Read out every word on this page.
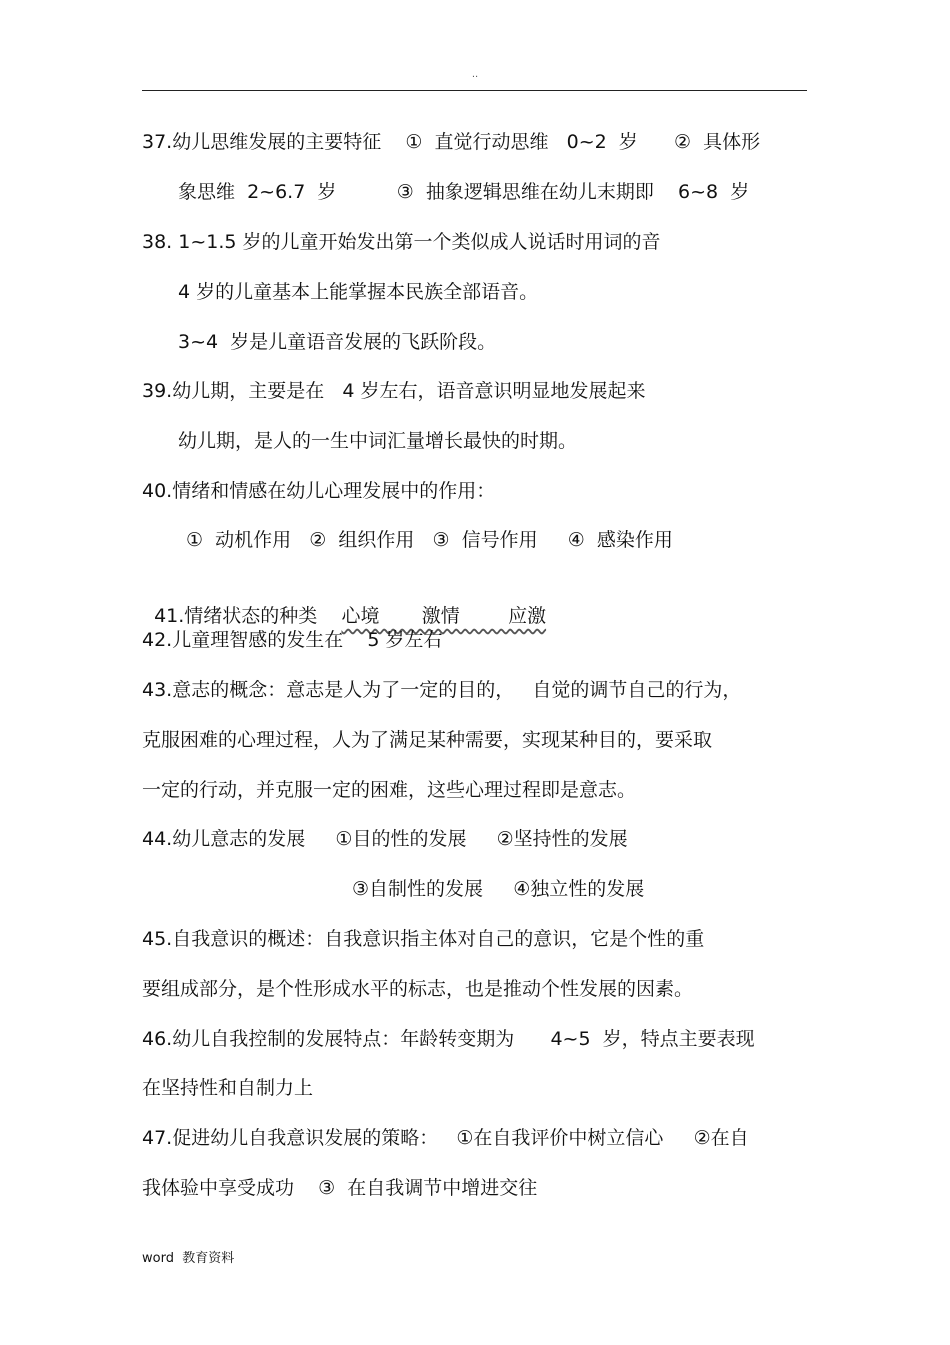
..
37.幼儿思维发展的主要特征    ①  直觉行动思维   0~2  岁      ②  具体形
象思维  2~6.7  岁          ③  抽象逻辑思维在幼儿末期即    6~8  岁
38. 1~1.5 岁的儿童开始发出第一个类似成人说话时用词的音
4 岁的儿童基本上能掌握本民族全部语音。
3~4  岁是儿童语音发展的飞跃阶段。
39.幼儿期，主要是在   4 岁左右，语音意识明显地发展起来
幼儿期，是人的一生中词汇量增长最快的时期。
40.情绪和情感在幼儿心理发展中的作用：
①  动机作用   ②  组织作用   ③  信号作用     ④  感染作用

41.情绪状态的种类 心境       激情        应激

42.儿童理智感的发生在    5 岁左右
43.意志的概念：意志是人为了一定的目的，   自觉的调节自己的行为，
克服困难的心理过程，人为了满足某种需要，实现某种目的，要采取
一定的行动，并克服一定的困难，这些心理过程即是意志。
44.幼儿意志的发展     ①目的性的发展     ②坚持性的发展
③自制性的发展     ④独立性的发展
45.自我意识的概述：自我意识指主体对自己的意识，它是个性的重
要组成部分，是个性形成水平的标志，也是推动个性发展的因素。
46.幼儿自我控制的发展特点：年龄转变期为      4~5  岁，特点主要表现
在坚持性和自制力上
47.促进幼儿自我意识发展的策略：   ①在自我评价中树立信心     ②在自
我体验中享受成功    ③  在自我调节中增进交往
word  教育资料
